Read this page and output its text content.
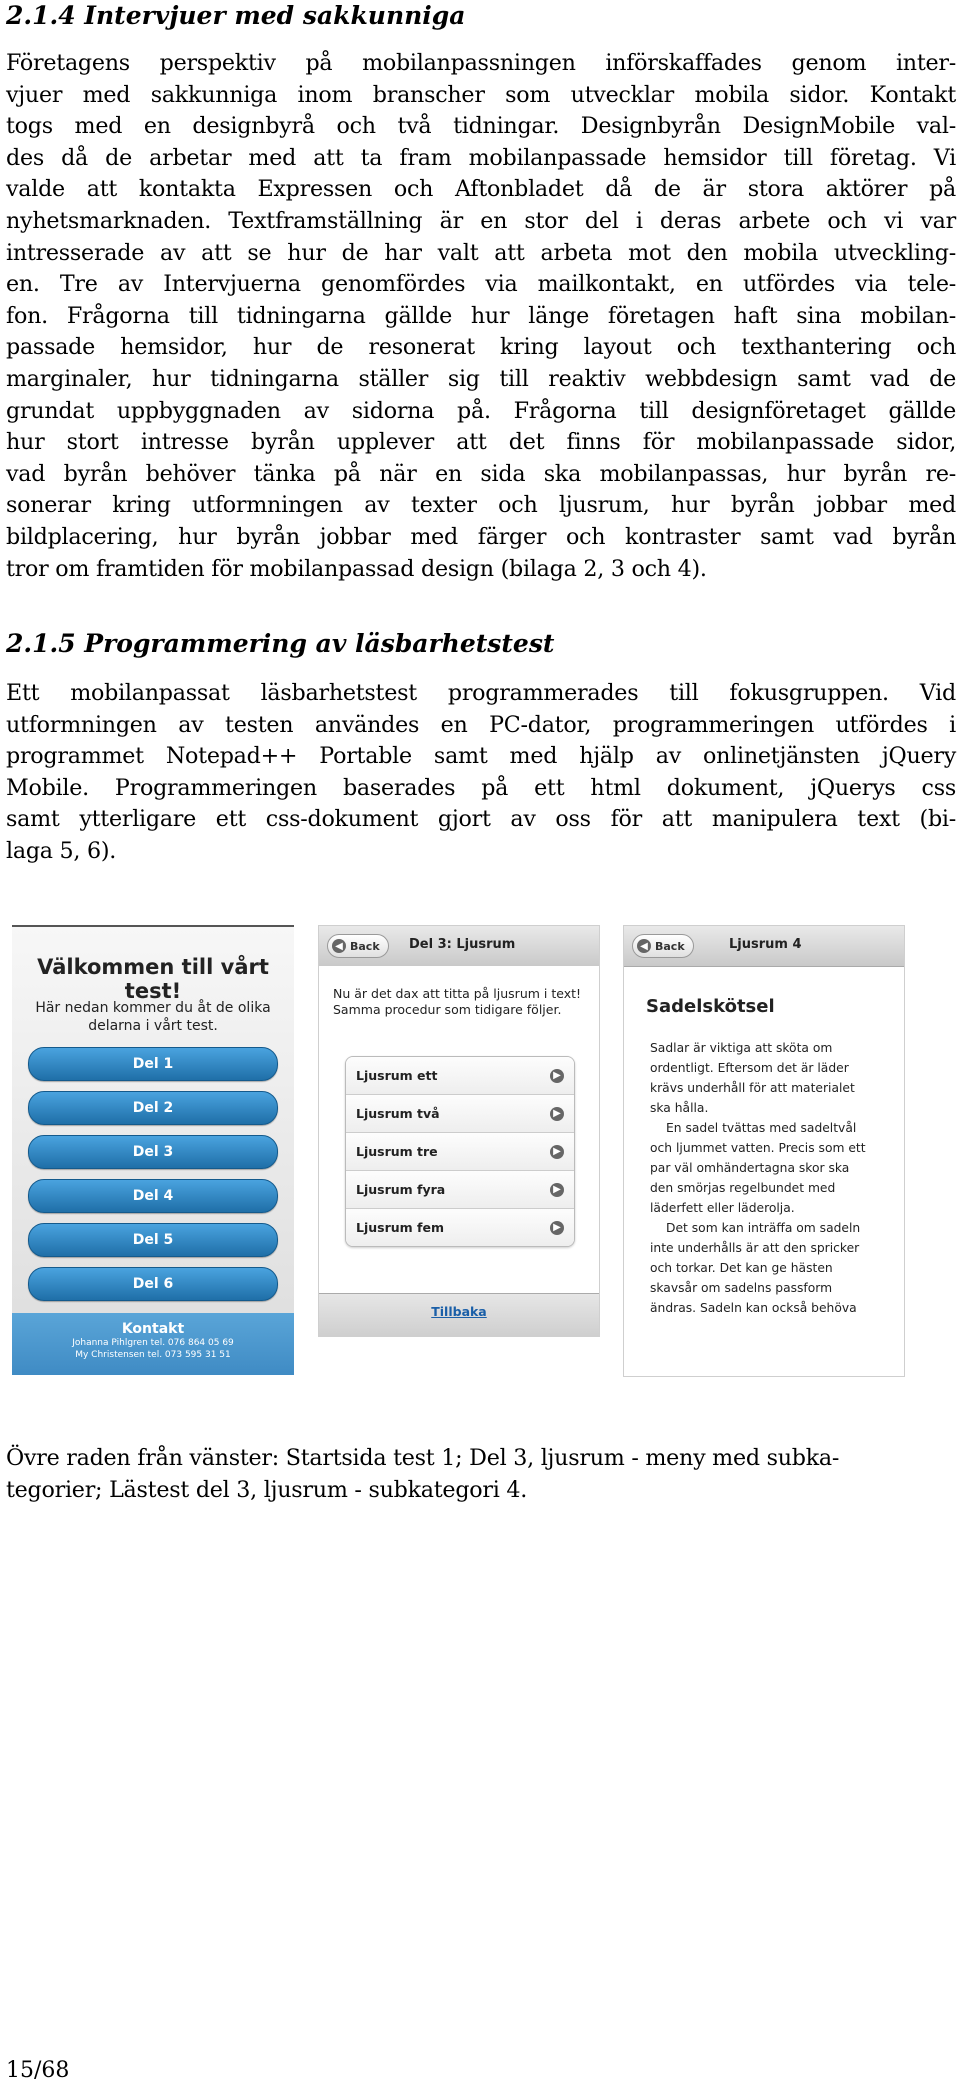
2.1.4 Intervjuer med sakkunniga
Företagens perspektiv på mobilanpassningen införskaffades genom inter-
vjuer med sakkunniga inom branscher som utvecklar mobila sidor. Kontakt
togs med en designbyrå och två tidningar. Designbyrån DesignMobile val-
des då de arbetar med att ta fram mobilanpassade hemsidor till företag. Vi
valde att kontakta Expressen och Aftonbladet då de är stora aktörer på
nyhetsmarknaden. Textframställning är en stor del i deras arbete och vi var
intresserade av att se hur de har valt att arbeta mot den mobila utveckling-
en. Tre av Intervjuerna genomfördes via mailkontakt, en utfördes via tele-
fon. Frågorna till tidningarna gällde hur länge företagen haft sina mobilan-
passade hemsidor, hur de resonerat kring layout och texthantering och
marginaler, hur tidningarna ställer sig till reaktiv webbdesign samt vad de
grundat uppbyggnaden av sidorna på. Frågorna till designföretaget gällde
hur stort intresse byrån upplever att det finns för mobilanpassade sidor,
vad byrån behöver tänka på när en sida ska mobilanpassas, hur byrån re-
sonerar kring utformningen av texter och ljusrum, hur byrån jobbar med
bildplacering, hur byrån jobbar med färger och kontraster samt vad byrån
tror om framtiden för mobilanpassad design (bilaga 2, 3 och 4).
2.1.5 Programmering av läsbarhetstest
Ett mobilanpassat läsbarhetstest programmerades till fokusgruppen. Vid
utformningen av testen användes en PC-dator, programmeringen utfördes i
programmet Notepad++ Portable samt med hjälp av onlinetjänsten jQuery
Mobile. Programmeringen baserades på ett html dokument, jQuerys css
samt ytterligare ett css-dokument gjort av oss för att manipulera text (bi-
laga 5, 6).
Välkommen till vårt test!
Här nedan kommer du åt de olika
delarna i vårt test.
Del 1
Del 2
Del 3
Del 4
Del 5
Del 6
Kontakt
Johanna Pihlgren tel. 076 864 05 69
My Christensen tel. 073 595 31 51
◀ Back Del 3: Ljusrum
Nu är det dax att titta på ljusrum i text!
Samma procedur som tidigare följer.
Ljusrum ett	▶
Ljusrum två	▶
Ljusrum tre	▶
Ljusrum fyra	▶
Ljusrum fem	▶
Tillbaka
◀ Back	Ljusrum 4
Sadelskötsel

Sadlar är viktiga att sköta om

ordentligt. Eftersom det är läder

krävs underhåll för att materialet

ska hålla.

En sadel tvättas med sadeltvål

och ljummet vatten. Precis som ett

par väl omhändertagna skor ska

den smörjas regelbundet med

läderfett eller läderolja.

Det som kan inträffa om sadeln

inte underhålls är att den spricker

och torkar. Det kan ge hästen

skavsår om sadelns passform

ändras. Sadeln kan också behöva

Övre raden från vänster: Startsida test 1; Del 3, ljusrum - meny med subka-
tegorier; Lästest del 3, ljusrum - subkategori 4.
15/68
